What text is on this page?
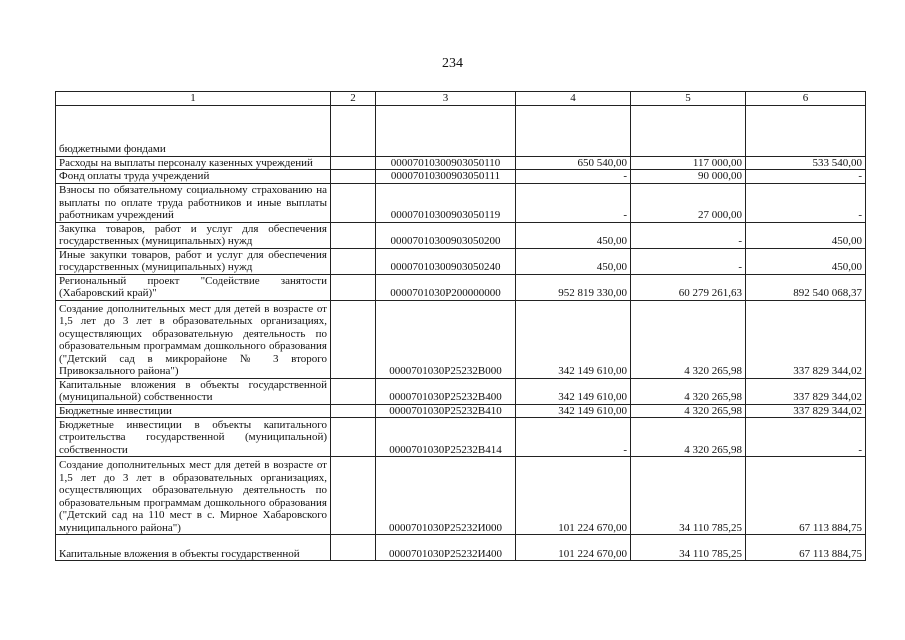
234
1	2	3	4	5	6
бюджетными фондами					
Расходы на выплаты персоналу казенных учреждений		00007010300903050110	650 540,00	117 000,00	533 540,00
Фонд оплаты труда учреждений		00007010300903050111	-	90 000,00	-
Взносы по обязательному социальному страхованию на выплаты по оплате труда работников и иные выплаты работникам учреждений		00007010300903050119	-	27 000,00	-
Закупка товаров, работ и услуг для обеспечения государственных (муниципальных) нужд		00007010300903050200	450,00	-	450,00
Иные закупки товаров, работ и услуг для обеспечения государственных (муниципальных) нужд		00007010300903050240	450,00	-	450,00
Региональный проект "Содействие занятости (Хабаровский край)"		0000701030P200000000	952 819 330,00	60 279 261,63	892 540 068,37
Создание дополнительных мест для детей в возрасте от 1,5 лет до 3 лет в образовательных организациях, осуществляющих образовательную деятельность по образовательным программам дошкольного образования ("Детский сад в микрорайоне № 3 второго Привокзального района")		0000701030P25232В000	342 149 610,00	4 320 265,98	337 829 344,02
Капитальные вложения в объекты государственной (муниципальной) собственности		0000701030P25232В400	342 149 610,00	4 320 265,98	337 829 344,02
Бюджетные инвестиции		0000701030P25232В410	342 149 610,00	4 320 265,98	337 829 344,02
Бюджетные инвестиции в объекты капитального строительства государственной (муниципальной) собственности		0000701030P25232В414	-	4 320 265,98	-
Создание дополнительных мест для детей в возрасте от 1,5 лет до 3 лет в образовательных организациях, осуществляющих образовательную деятельность по образовательным программам дошкольного образования ("Детский сад на 110 мест в с. Мирное Хабаровского муниципального района")		0000701030P25232И000	101 224 670,00	34 110 785,25	67 113 884,75
Капитальные вложения в объекты государственной		0000701030P25232И400	101 224 670,00	34 110 785,25	67 113 884,75
